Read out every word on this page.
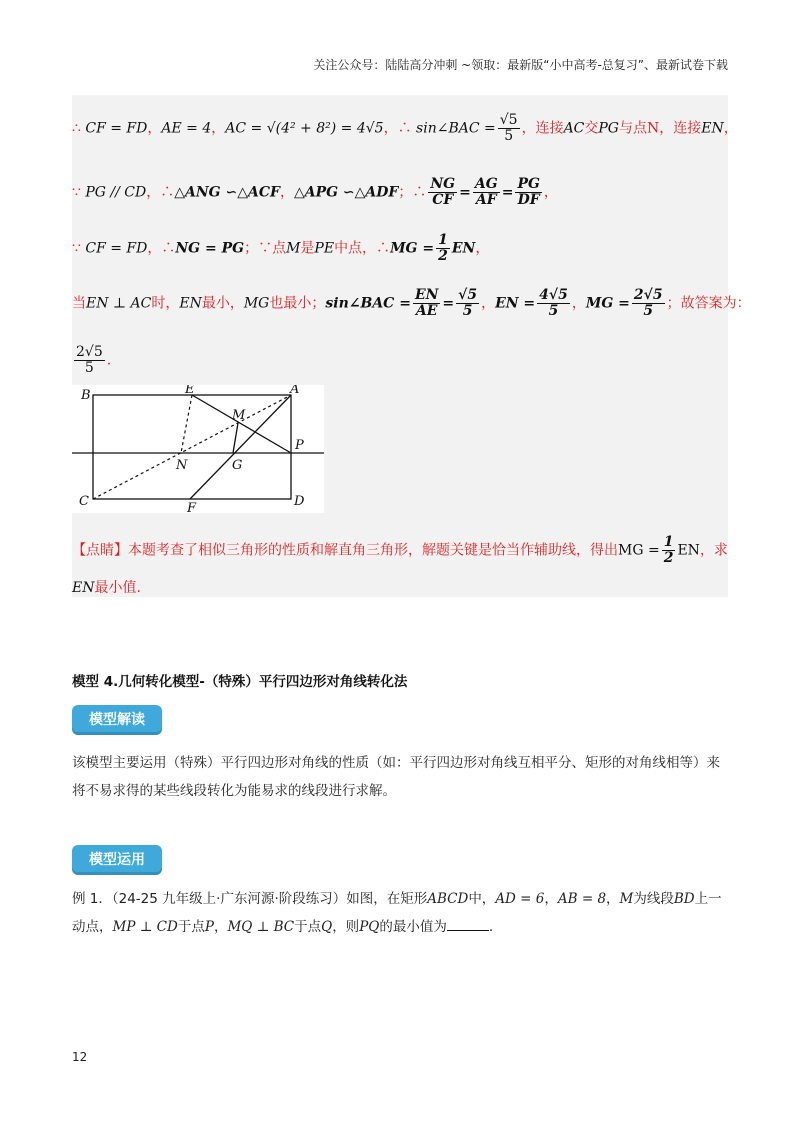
关注公众号：陆陆高分冲刺 ~领取：最新版“小中高考-总复习”、最新试卷下载
∴ CF = FD，AE = 4，AC = √(4² + 8²) = 4√5，∴ sin∠BAC = $\frac{√5}{5}$ ，连接AC交PG与点N，连接EN，
∵ PG // CD，∴△ANG ∽△ACF，△APG ∽△ADF；∴ $\frac{NG}{CF} = \frac{AG}{AF} = \frac{PG}{DF}$ ，
∵ CF = FD，∴NG = PG；∵点M是PE中点，∴MG = $\frac{1}{2}$ EN，
当EN ⊥ AC时，EN最小，MG也最小；sin∠BAC = $\frac{EN}{AE} = \frac{√5}{5}$ ，EN = $\frac{4√5}{5}$ ，MG = $\frac{2√5}{5}$ ；故答案为：
$\frac{2√5}{5}$ .
B	E	A
M
P
N	G
C	F	D
【点睛】本题考查了相似三角形的性质和解直角三角形，解题关键是恰当作辅助线，得出MG = $\frac{1}{2}$ EN，求
EN最小值.
模型 4.几何转化模型-（特殊）平行四边形对角线转化法
模型解读
该模型主要运用（特殊）平行四边形对角线的性质（如：平行四边形对角线互相平分、矩形的对角线相等）来将不易求得的某些线段转化为能易求的线段进行求解。
模型运用
例 1．（24-25 九年级上·广东河源·阶段练习）如图，在矩形ABCD中，AD = 6，AB = 8，M为线段BD上一动点，MP ⊥ CD于点P，MQ ⊥ BC于点Q，则PQ的最小值为	.
12
